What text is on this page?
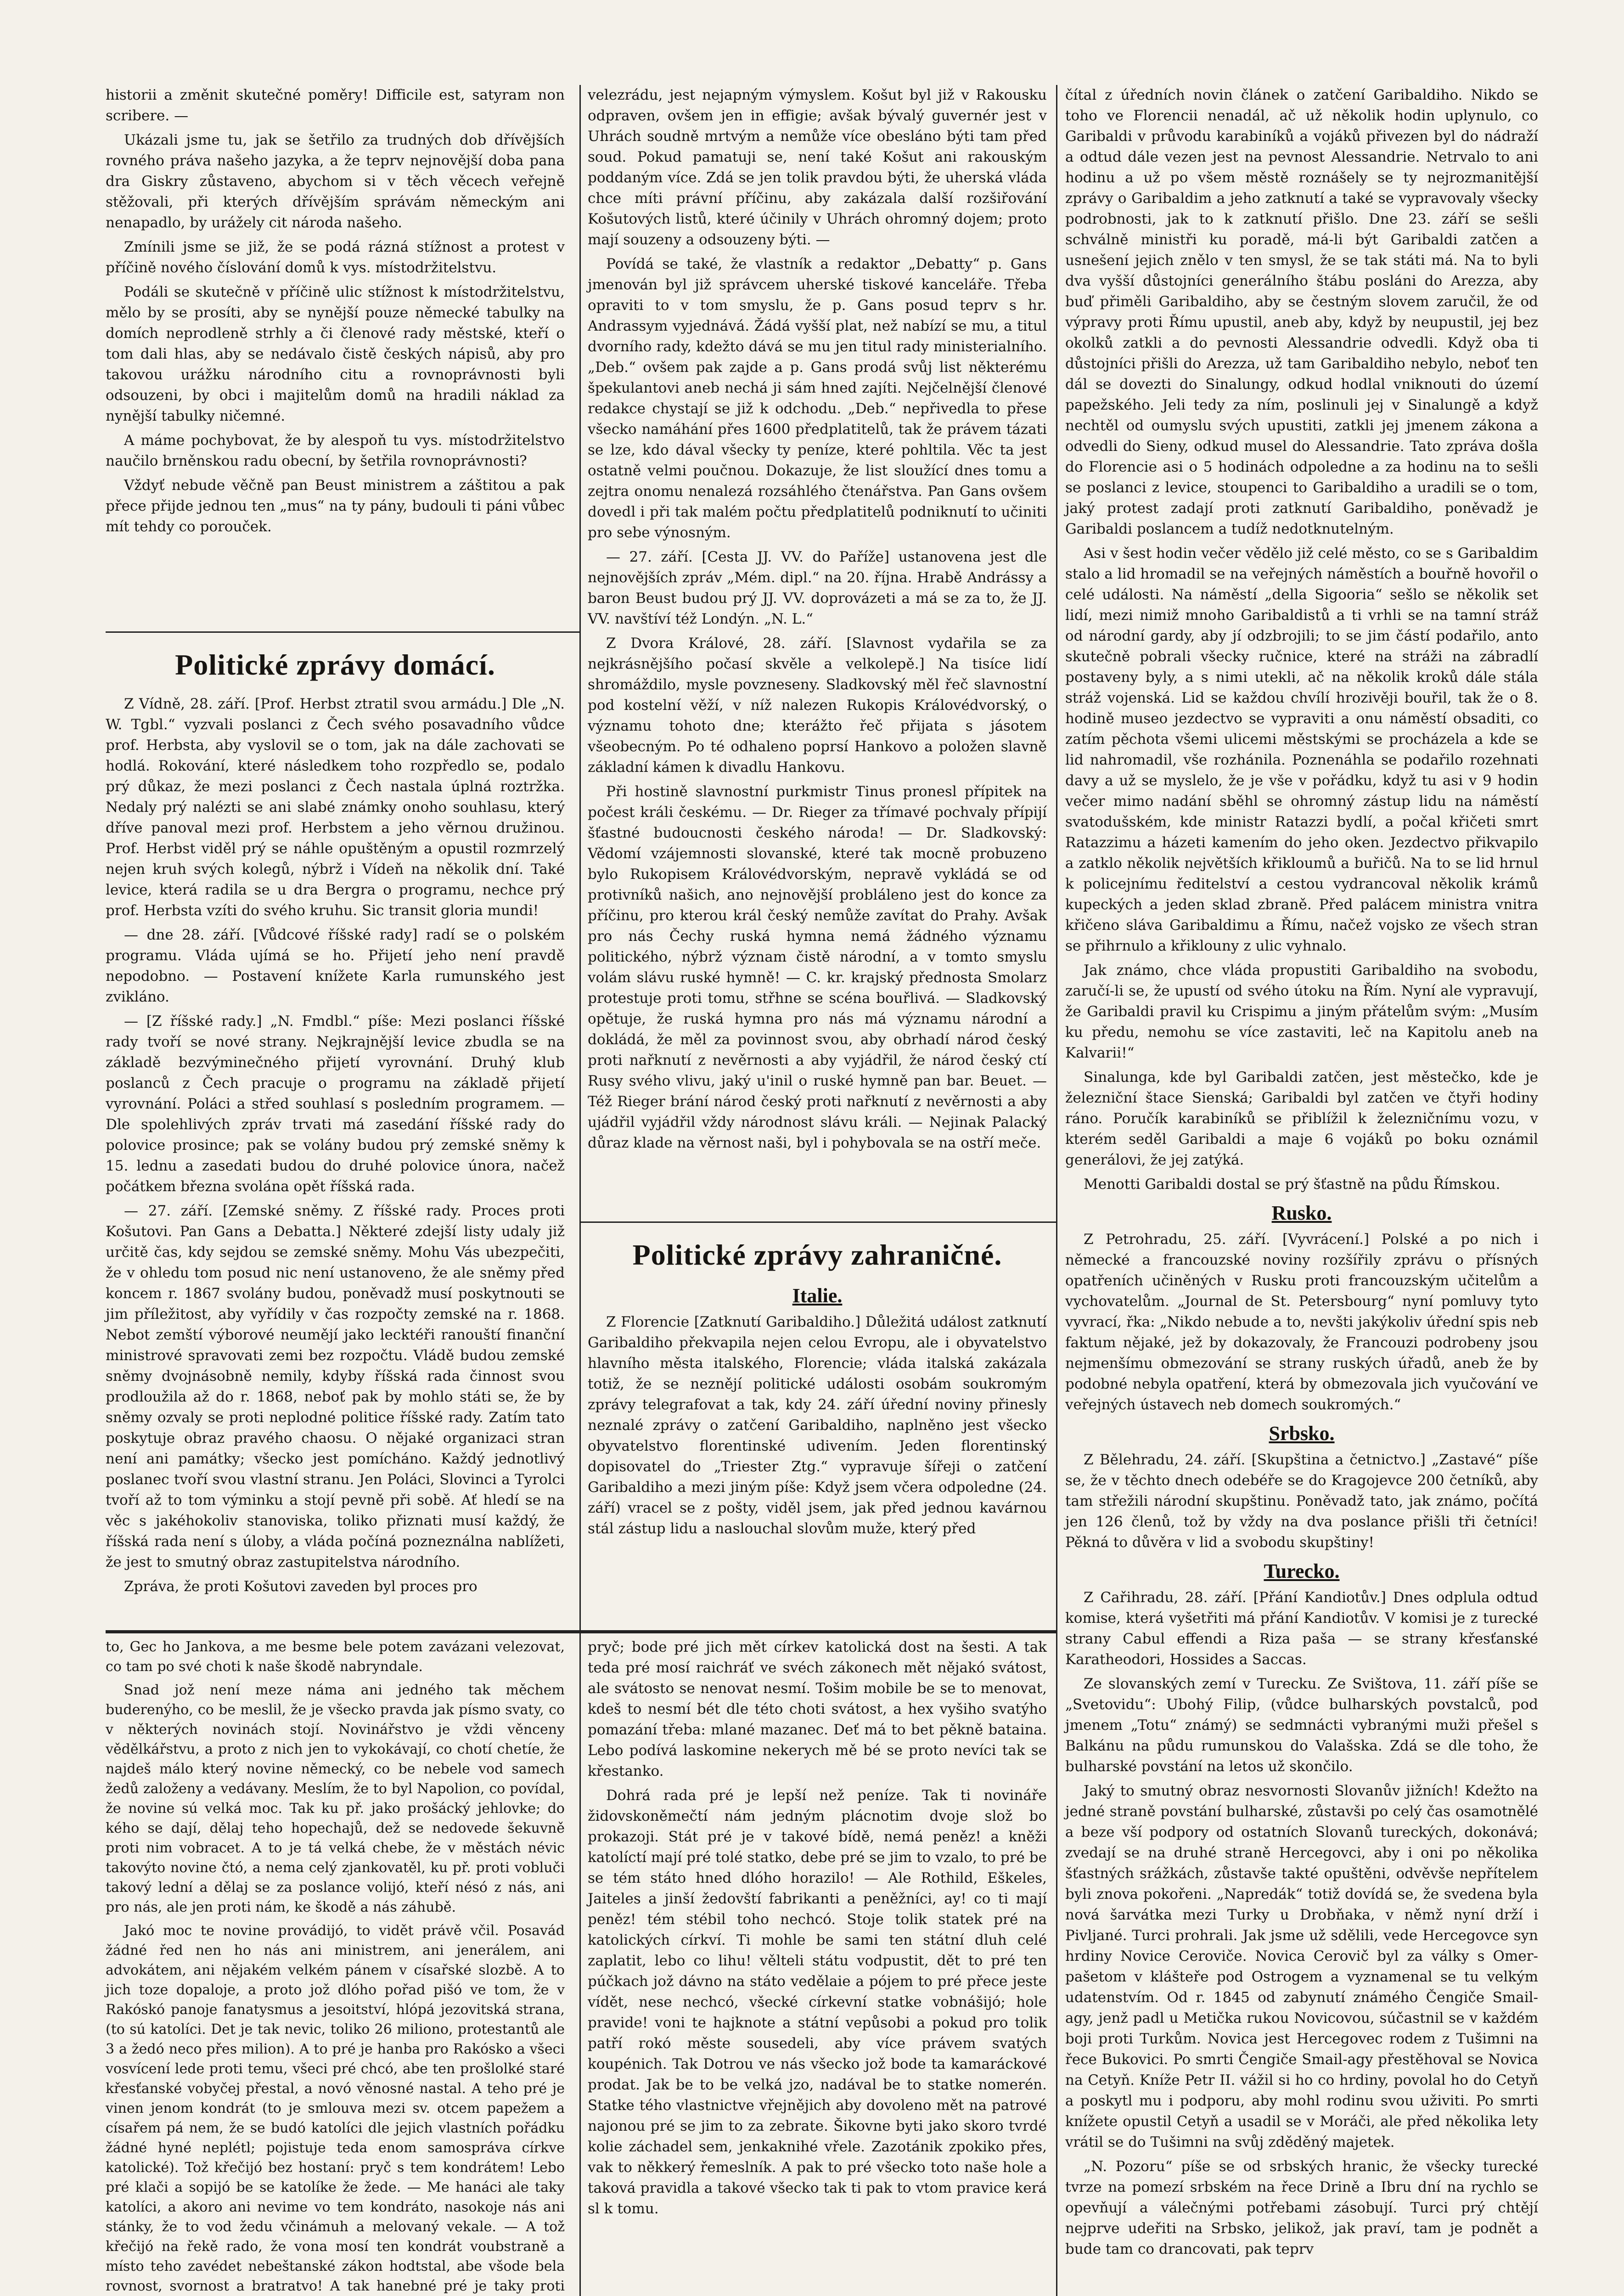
historii a změnit skutečné poměry! Difficile est, satyram non scribere. —

Ukázali jsme tu, jak se šetřilo za trudných dob dřívějších rovného práva našeho jazyka, a že teprv nejnovější doba pana dra Giskry zůstaveno, abychom si v těch věcech veřejně stěžovali, při kterých dřívějším správám německým ani nenapadlo, by urážely cit národa našeho.

Zmínili jsme se již, že se podá rázná stížnost a protest v příčině nového číslování domů k vys. místodržitelstvu.

Podáli se skutečně v příčině ulic stížnost k místodržitelstvu, mělo by se prosíti, aby se nynější pouze německé tabulky na domích neprodleně strhly a či členové rady městské, kteří o tom dali hlas, aby se nedávalo čistě českých nápisů, aby pro takovou urážku národního citu a rovnoprávnosti byli odsouzeni, by obci i majitelům domů na hradili náklad za nynější tabulky ničemné.

A máme pochybovat, že by alespoň tu vys. místodržitelstvo naučilo brněnskou radu obecní, by šetřila rovnoprávnosti?

Vždyť nebude věčně pan Beust ministrem a záštitou a pak přece přijde jednou ten „mus“ na ty pány, budouli ti páni vůbec mít tehdy co porouček.

Politické zprávy domácí.

Z Vídně, 28. září. [Prof. Herbst ztratil svou armádu.] Dle „N. W. Tgbl.“ vyzvali poslanci z Čech svého posavadního vůdce prof. Herbsta, aby vyslovil se o tom, jak na dále zachovati se hodlá. Rokování, které následkem toho rozpředlo se, podalo prý důkaz, že mezi poslanci z Čech nastala úplná roztržka. Nedaly prý nalézti se ani slabé známky onoho souhlasu, který dříve panoval mezi prof. Herbstem a jeho věrnou družinou. Prof. Herbst viděl prý se náhle opuštěným a opustil rozmrzelý nejen kruh svých kolegů, nýbrž i Vídeň na několik dní. Také levice, která radila se u dra Bergra o programu, nechce prý prof. Herbsta vzíti do svého kruhu. Sic transit gloria mundi!

— dne 28. září. [Vůdcové říšské rady] radí se o polském programu. Vláda ujímá se ho. Přijetí jeho není pravdě nepodobno. — Postavení knížete Karla rumunského jest zvikláno.

— [Z říšské rady.] „N. Fmdbl.“ píše: Mezi poslanci říšské rady tvoří se nové strany. Nejkrajnější levice zbudla se na základě bezvýminečného přijetí vyrovnání. Druhý klub poslanců z Čech pracuje o programu na základě přijetí vyrovnání. Poláci a střed souhlasí s posledním programem. — Dle spolehlivých zpráv trvati má zasedání říšské rady do polovice prosince; pak se volány budou prý zemské sněmy k 15. lednu a zasedati budou do druhé polovice února, načež počátkem března svolána opět říšská rada.

— 27. září. [Zemské sněmy. Z říšské rady. Proces proti Košutovi. Pan Gans a Debatta.] Některé zdejší listy udaly již určitě čas, kdy sejdou se zemské sněmy. Mohu Vás ubezpečiti, že v ohledu tom posud nic není ustanoveno, že ale sněmy před koncem r. 1867 svolány budou, poněvadž musí poskytnouti se jim příležitost, aby vyřídily v čas rozpočty zemské na r. 1868. Nebot zemští výborové neumějí jako lecktéři ranouští finanční ministrové spravovati zemi bez rozpočtu. Vládě budou zemské sněmy dvojnásobně nemily, kdyby říšská rada činnost svou prodloužila až do r. 1868, neboť pak by mohlo státi se, že by sněmy ozvaly se proti neplodné politice říšské rady. Zatím tato poskytuje obraz pravého chaosu. O nějaké organizaci stran není ani památky; všecko jest pomícháno. Každý jednotlivý poslanec tvoří svou vlastní stranu. Jen Poláci, Slovinci a Tyrolci tvoří až to tom výminku a stojí pevně při sobě. Ať hledí se na věc s jakéhokoliv stanoviska, toliko přiznati musí každý, že říšská rada není s úloby, a vláda počíná pozneználna nablížeti, že jest to smutný obraz zastupitelstva národního.

Zpráva, že proti Košutovi zaveden byl proces pro

to, Gec ho Jankova, a me besme bele potem zavázani velezovat, co tam po své choti k naše škodě nabryndale.

Snad jož není meze náma ani jedného tak měchem buderenýho, co be meslil, že je všecko pravda jak písmo svaty, co v některých novinách stojí. Novinářstvo je vždi věnceny vědělkářstvu, a proto z nich jen to vykokávají, co chotí chetíe, že najdeš málo který novine německý, co be nebele vod samech žedů založeny a vedávany. Meslím, že to byl Napolion, co povídal, že novine sú velká moc. Tak ku př. jako prošácký jehlovke; do kého se dají, dělaj teho hopechajů, dež se nedovede šekuvně proti nim vobracet. A to je tá velká chebe, že v městách névic takovýto novine čtó, a nema celý zjankovatěl, ku př. proti vobluči takový lední a dělaj se za poslance volijó, kteří nésó z nás, ani pro nás, ale jen proti nám, ke škodě a nás záhubě.

Jakó moc te novine provádijó, to vidět právě včil. Posavád žádné řed nen ho nás ani ministrem, ani jenerálem, ani advokátem, ani nějakém velkém pánem v císařské slozbě. A to jich toze dopaloje, a proto jož dlóho pořad pišó ve tom, že v Rakóskó panoje fanatysmus a jesoitství, hlópá jezovitská strana, (to sú katolíci. Det je tak nevic, toliko 26 miliono, protestantů ale 3 a žedó neco přes milion). A to pré je hanba pro Rakósko a všeci vosvícení lede proti temu, všeci pré chcó, abe ten prošlolké staré křesťanské vobyčej přestal, a novó věnosné nastal. A teho pré je vinen jenom kondrát (to je smlouva mezi sv. otcem papežem a císařem pá nem, že se budó katolíci dle jejich vlastních pořádku žádné hyné neplétl; pojistuje teda enom samospráva církve katolické). Tož křečijó bez hostaní: pryč s tem kondrátem! Lebo pré klači a sopijó be se katolíke že žede. — Me hanáci ale taky katolíci, a akoro ani nevime vo tem kondráto, nasokoje nás ani stánky, že to vod žedu včinámuh a melovaný vekale. — A tož křečijó na řekě rado, že vona mosí ten kondrát voubstraně a místo teho zavédet nebeštanské zákon hodtstal, abe všode bela rovnost, svornost a bratratvo! A tak hanebné pré je taky proti

velezrádu, jest nejapným výmyslem. Košut byl již v Rakousku odpraven, ovšem jen in effigie; avšak bývalý guvernér jest v Uhrách soudně mrtvým a nemůže více obesláno býti tam před soud. Pokud pamatuji se, není také Košut ani rakouským poddaným více. Zdá se jen tolik pravdou býti, že uherská vláda chce míti právní příčinu, aby zakázala další rozšiřování Košutových listů, které účinily v Uhrách ohromný dojem; proto mají souzeny a odsouzeny býti. —

Povídá se také, že vlastník a redaktor „Debatty“ p. Gans jmenován byl již správcem uherské tiskové kanceláře. Třeba opraviti to v tom smyslu, že p. Gans posud teprv s hr. Andrassym vyjednává. Žádá vyšší plat, než nabízí se mu, a titul dvorního rady, kdežto dává se mu jen titul rady ministerialního. „Deb.“ ovšem pak zajde a p. Gans prodá svůj list některému špekulantovi aneb nechá ji sám hned zajíti. Nejčelnější členové redakce chystají se již k odchodu. „Deb.“ nepřivedla to přese všecko namáhání přes 1600 předplatitelů, tak že právem tázati se lze, kdo dával všecky ty peníze, které pohltila. Věc ta jest ostatně velmi poučnou. Dokazuje, že list sloužící dnes tomu a zejtra onomu nenalezá rozsáhlého čtenářstva. Pan Gans ovšem dovedl i při tak malém počtu předplatitelů podniknutí to učiniti pro sebe výnosným.

— 27. září. [Cesta JJ. VV. do Paříže] ustanovena jest dle nejnovějších zpráv „Mém. dipl.“ na 20. října. Hrabě Andrássy a baron Beust budou prý JJ. VV. doprovázeti a má se za to, že JJ. VV. navštíví též Londýn. „N. L.“

Z Dvora Králové, 28. září. [Slavnost vydařila se za nejkrásnějšího počasí skvěle a velkolepě.] Na tisíce lidí shromáždilo, mysle povzneseny. Sladkovský měl řeč slavnostní pod kostelní věží, v níž nalezen Rukopis Královédvorský, o významu tohoto dne; kterážto řeč přijata s jásotem všeobecným. Po té odhaleno poprsí Hankovo a položen slavně základní kámen k divadlu Hankovu.

Při hostině slavnostní purkmistr Tinus pronesl přípitek na počest králi českému. — Dr. Rieger za třímavé pochvaly přípijí šťastné budoucnosti českého národa! — Dr. Sladkovský: Vědomí vzájemnosti slovanské, které tak mocně probuzeno bylo Rukopisem Královédvorským, nepravě vykládá se od protivníků našich, ano nejnovější probláleno jest do konce za příčinu, pro kterou král český nemůže zavítat do Prahy. Avšak pro nás Čechy ruská hymna nemá žádného významu politického, nýbrž význam čistě národní, a v tomto smyslu volám slávu ruské hymně! — C. kr. krajský přednosta Smolarz protestuje proti tomu, střhne se scéna bouřlivá. — Sladkovský opětuje, že ruská hymna pro nás má významu národní a dokládá, že měl za povinnost svou, aby obrhadí národ český proti nařknutí z nevěrnosti a aby vyjádřil, že národ český ctí Rusy svého vlivu, jaký u'inil o ruské hymně pan bar. Beuet. — Též Rieger brání národ český proti nařknutí z nevěrnosti a aby ujádřil vyjádřil vždy národnost slávu králi. — Nejinak Palacký důraz klade na věrnost naši, byl i pohybovala se na ostří meče.

Politické zprávy zahraničné.
Italie.

Z Florencie [Zatknutí Garibaldiho.] Důležitá událost zatknutí Garibaldiho překvapila nejen celou Evropu, ale i obyvatelstvo hlavního města italského, Florencie; vláda italská zakázala totiž, že se neznějí politické události osobám soukromým zprávy telegrafovat a tak, kdy 24. září úřední noviny přinesly neznalé zprávy o zatčení Garibaldiho, naplněno jest všecko obyvatelstvo florentinské udivením. Jeden florentinský dopisovatel do „Triester Ztg.“ vypravuje šířeji o zatčení Garibaldiho a mezi jiným píše: Když jsem včera odpoledne (24. září) vracel se z pošty, viděl jsem, jak před jednou kavárnou stál zástup lidu a naslouchal slovům muže, který před

pryč; bode pré jich mět církev katolická dost na šesti. A tak teda pré mosí raichráť ve svéch zákonech mět nějakó svátost, ale svátosto se nenovat nesmí. Tošim mobile be se to menovat, kdeš to nesmí bét dle této choti svátost, a hex vyšiho svatýho pomazání třeba: mlané mazanec. Deť má to bet pěkně bataina. Lebo podívá laskomine nekerych mě bé se proto nevíci tak se křestanko.

Dohrá rada pré je lepší než peníze. Tak ti novináře židovskoněmečtí nám jedným plácnotim dvoje slož bo prokazoji. Stát pré je v takové bídě, nemá peněz! a kněži katolíctí mají pré tolé statko, debe pré se jim to vzalo, to pré be se tém státo hned dlóho horazilo! — Ale Rothild, Eškeles, Jaiteles a jinší žedovští fabrikanti a peněžníci, ay! co ti mají peněz! tém stébil toho nechcó. Stoje tolik statek pré na katolických církví. Ti mohle be sami ten státní dluh celé zaplatit, lebo co lihu! vělteli státu vodpustit, dět to pré ten púčkach jož dávno na státo vedělaie a pójem to pré přece jeste vídět, nese nechcó, všecké církevní statke vobnášijó; hole pravide! voni te hajknote a státní vepůsobi a pokud pro tolik patří rokó měste sousedeli, aby více právem svatých koupénich. Tak Dotrou ve nás všecko jož bode ta kamaráckové prodat. Jak be to be velká jzo, nadával be to statke nomerén. Statke tého vlastnictve vřejnějich aby dovoleno mět na patrové najonou pré se jim to za zebrate. Šikovne byti jako skoro tvrdé kolie záchadel sem, jenkaknihé vřele. Zazotánik zpokiko přes, vak to někkerý řemeslník. A pak to pré všecko toto naše hole a taková pravidla a takové všecko tak ti pak to vtom pravice kerá sl k tomu.

čítal z úředních novin článek o zatčení Garibaldiho. Nikdo se toho ve Florencii nenadál, ač už několik hodin uplynulo, co Garibaldi v průvodu karabiníků a vojáků přivezen byl do nádraží a odtud dále vezen jest na pevnost Alessandrie. Netrvalo to ani hodinu a už po všem městě roznášely se ty nejrozmanitější zprávy o Garibaldim a jeho zatknutí a také se vypravovaly všecky podrobnosti, jak to k zatknutí přišlo. Dne 23. září se sešli schválně ministři ku poradě, má-li být Garibaldi zatčen a usnešení jejich znělo v ten smysl, že se tak státi má. Na to byli dva vyšší důstojníci generálního štábu posláni do Arezza, aby buď přiměli Garibaldiho, aby se čestným slovem zaručil, že od výpravy proti Římu upustil, aneb aby, když by neupustil, jej bez okolků zatkli a do pevnosti Alessandrie odvedli. Když oba ti důstojníci přišli do Arezza, už tam Garibaldiho nebylo, neboť ten dál se dovezti do Sinalungy, odkud hodlal vniknouti do území papežského. Jeli tedy za ním, poslinuli jej v Sinalungě a když nechtěl od oumyslu svých upustiti, zatkli jej jmenem zákona a odvedli do Sieny, odkud musel do Alessandrie. Tato zpráva došla do Florencie asi o 5 hodinách odpoledne a za hodinu na to sešli se poslanci z levice, stoupenci to Garibaldiho a uradili se o tom, jaký protest zadají proti zatknutí Garibaldiho, poněvadž je Garibaldi poslancem a tudíž nedotknutelným.

Asi v šest hodin večer vědělo již celé město, co se s Garibaldim stalo a lid hromadil se na veřejných náměstích a bouřně hovořil o celé události. Na náměstí „della Sigooria“ sešlo se několik set lidí, mezi nimiž mnoho Garibaldistů a ti vrhli se na tamní stráž od národní gardy, aby jí odzbrojili; to se jim částí podařilo, anto skutečně pobrali všecky ručnice, které na stráži na zábradlí postaveny byly, a s nimi utekli, ač na několik kroků dále stála stráž vojenská. Lid se každou chvílí hrozivěji bouřil, tak že o 8. hodině museo jezdectvo se vypraviti a onu náměstí obsaditi, co zatím pěchota všemi ulicemi městskými se procházela a kde se lid nahromadil, vše rozhánila. Poznenáhla se podařilo rozehnati davy a už se myslelo, že je vše v pořádku, když tu asi v 9 hodin večer mimo nadání sběhl se ohromný zástup lidu na náměstí svatodušském, kde ministr Ratazzi bydlí, a počal křičeti smrt Ratazzimu a házeti kamením do jeho oken. Jezdectvo přikvapilo a zatklo několik největších křikloumů a buřičů. Na to se lid hrnul k policejnímu ředitelství a cestou vydrancoval několik krámů kupeckých a jeden sklad zbraně. Před palácem ministra vnitra křičeno sláva Garibaldimu a Římu, načež vojsko ze všech stran se přihrnulo a křiklouny z ulic vyhnalo.

Jak známo, chce vláda propustiti Garibaldiho na svobodu, zaručí-li se, že upustí od svého útoku na Řím. Nyní ale vypravují, že Garibaldi pravil ku Crispimu a jiným přátelům svým: „Musím ku předu, nemohu se více zastaviti, leč na Kapitolu aneb na Kalvarii!“

Sinalunga, kde byl Garibaldi zatčen, jest městečko, kde je železniční štace Sienská; Garibaldi byl zatčen ve čtyři hodiny ráno. Poručík karabiníků se přiblížil k železničnímu vozu, v kterém seděl Garibaldi a maje 6 vojáků po boku oznámil generálovi, že jej zatýká.

Menotti Garibaldi dostal se prý šťastně na půdu Římskou.

Rusko.

Z Petrohradu, 25. září. [Vyvrácení.] Polské a po nich i německé a francouzské noviny rozšířily zprávu o přísných opatřeních učiněných v Rusku proti francouzským učitelům a vychovatelům. „Journal de St. Petersbourg“ nyní pomluvy tyto vyvrací, řka: „Nikdo nebude a to, nevšti jakýkoliv úřední spis neb faktum nějaké, jež by dokazovaly, že Francouzi podrobeny jsou nejmenšímu obmezování se strany ruských úřadů, aneb že by podobné nebyla opatření, která by obmezovala jich vyučování ve veřejných ústavech neb domech soukromých.“

Srbsko.

Z Bělehradu, 24. září. [Skupština a četnictvo.] „Zastavé“ píše se, že v těchto dnech odebéře se do Kragojevce 200 četníků, aby tam střežili národní skupštinu. Poněvadž tato, jak známo, počítá jen 126 členů, tož by vždy na dva poslance přišli tři četníci! Pěkná to důvěra v lid a svobodu skupštiny!

Turecko.

Z Cařihradu, 28. září. [Přání Kandiotův.] Dnes odplula odtud komise, která vyšetřiti má přání Kandiotův. V komisi je z turecké strany Cabul effendi a Riza paša — se strany křesťanské Karatheodori, Hossides a Saccas.

Ze slovanských zemí v Turecku. Ze Svištova, 11. září píše se „Svetovidu“: Ubohý Filip, (vůdce bulharských povstalců, pod jmenem „Totu“ známý) se sedmnácti vybranými muži přešel s Balkánu na půdu rumunskou do Valašska. Zdá se dle toho, že bulharské povstání na letos už skončilo.

Jaký to smutný obraz nesvornosti Slovanův jižních! Kdežto na jedné straně povstání bulharské, zůstavši po celý čas osamotnělé a beze vší podpory od ostatních Slovanů tureckých, dokonává; zvedají se na druhé straně Hercegovci, aby i oni po několika šťastných srážkách, zůstavše takté opuštěni, odvěvše nepřítelem byli znova pokořeni. „Napredák“ totiž dovídá se, že svedena byla nová šarvátka mezi Turky u Drobňaka, v němž nyní drží i Pivljané. Turci prohrali. Jak jsme už sdělili, vede Hercegovce syn hrdiny Novice Ceroviče. Novica Cerovič byl za války s Omer-pašetom v klášteře pod Ostrogem a vyznamenal se tu velkým udatenstvím. Od r. 1845 od zabynutí známého Čengiče Smail-agy, jenž padl u Metička rukou Novicovou, súčastnil se v každém boji proti Turkům. Novica jest Hercegovec rodem z Tušimni na řece Bukovici. Po smrti Čengiče Smail-agy přestěhoval se Novica na Cetyň. Kníže Petr II. vážil si ho co hrdiny, povolal ho do Cetyň a poskytl mu i podporu, aby mohl rodinu svou uživiti. Po smrti knížete opustil Cetyň a usadil se v Moráči, ale před několika lety vrátil se do Tušimni na svůj zděděný majetek.

„N. Pozoru“ píše se od srbských hranic, že všecky turecké tvrze na pomezí srbském na řece Drině a Ibru dní na rychlo se opevňují a válečnými potřebami zásobují. Turci prý chtějí nejprve udeřiti na Srbsko, jelikož, jak praví, tam je podnět a bude tam co drancovati, pak teprv
